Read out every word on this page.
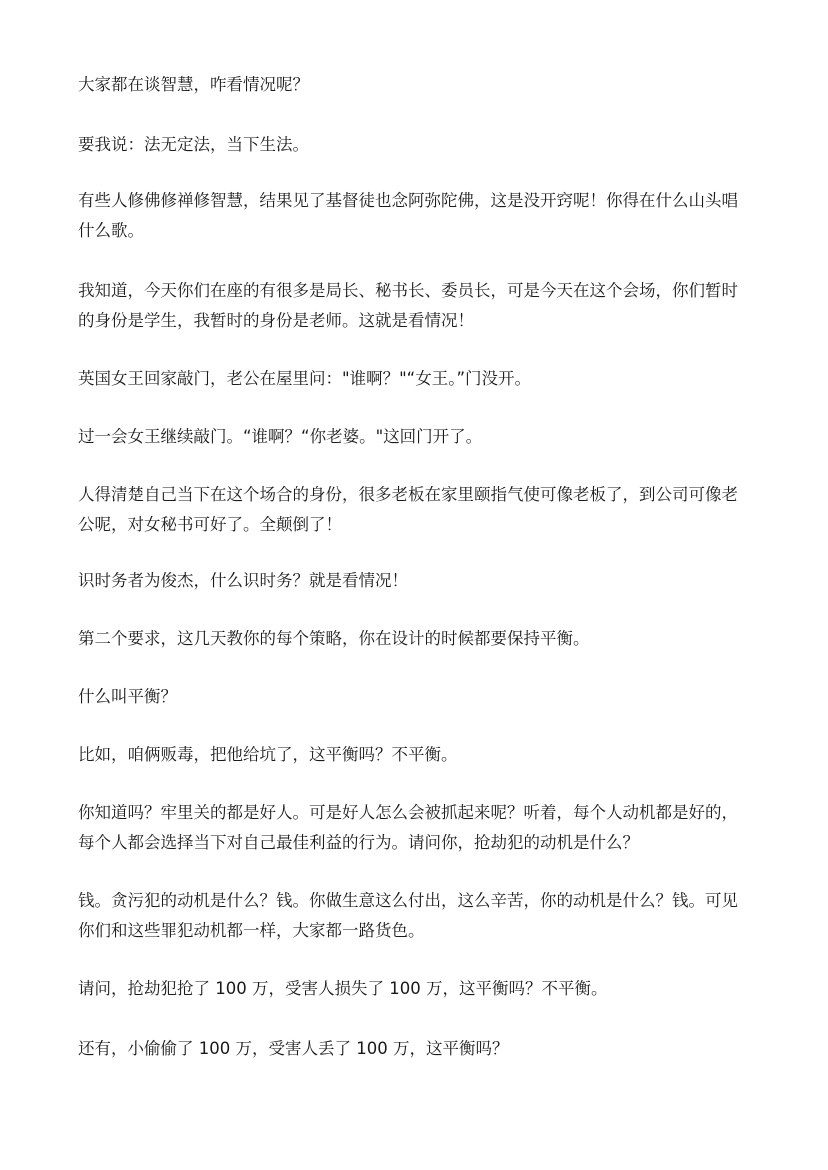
大家都在谈智慧，咋看情况呢？

要我说：法无定法，当下生法。

有些人修佛修禅修智慧，结果见了基督徒也念阿弥陀佛，这是没开窍呢！你得在什么山头唱
什么歌。

我知道，今天你们在座的有很多是局长、秘书长、委员长，可是今天在这个会场，你们暂时
的身份是学生，我暂时的身份是老师。这就是看情况！

英国女王回家敲门，老公在屋里问："谁啊？"“女王。”门没开。

过一会女王继续敲门。“谁啊？“你老婆。"这回门开了。

人得清楚自己当下在这个场合的身份，很多老板在家里颐指气使可像老板了，到公司可像老
公呢，对女秘书可好了。全颠倒了！

识时务者为俊杰，什么识时务？就是看情况！

第二个要求，这几天教你的每个策略，你在设计的时候都要保持平衡。

什么叫平衡？

比如，咱俩贩毒，把他给坑了，这平衡吗？不平衡。

你知道吗？牢里关的都是好人。可是好人怎么会被抓起来呢？听着，每个人动机都是好的，
每个人都会选择当下对自己最佳利益的行为。请问你，抢劫犯的动机是什么？

钱。贪污犯的动机是什么？钱。你做生意这么付出，这么辛苦，你的动机是什么？钱。可见
你们和这些罪犯动机都一样，大家都一路货色。

请问，抢劫犯抢了 100 万，受害人损失了 100 万，这平衡吗？不平衡。

还有，小偷偷了 100 万，受害人丢了 100 万，这平衡吗？
